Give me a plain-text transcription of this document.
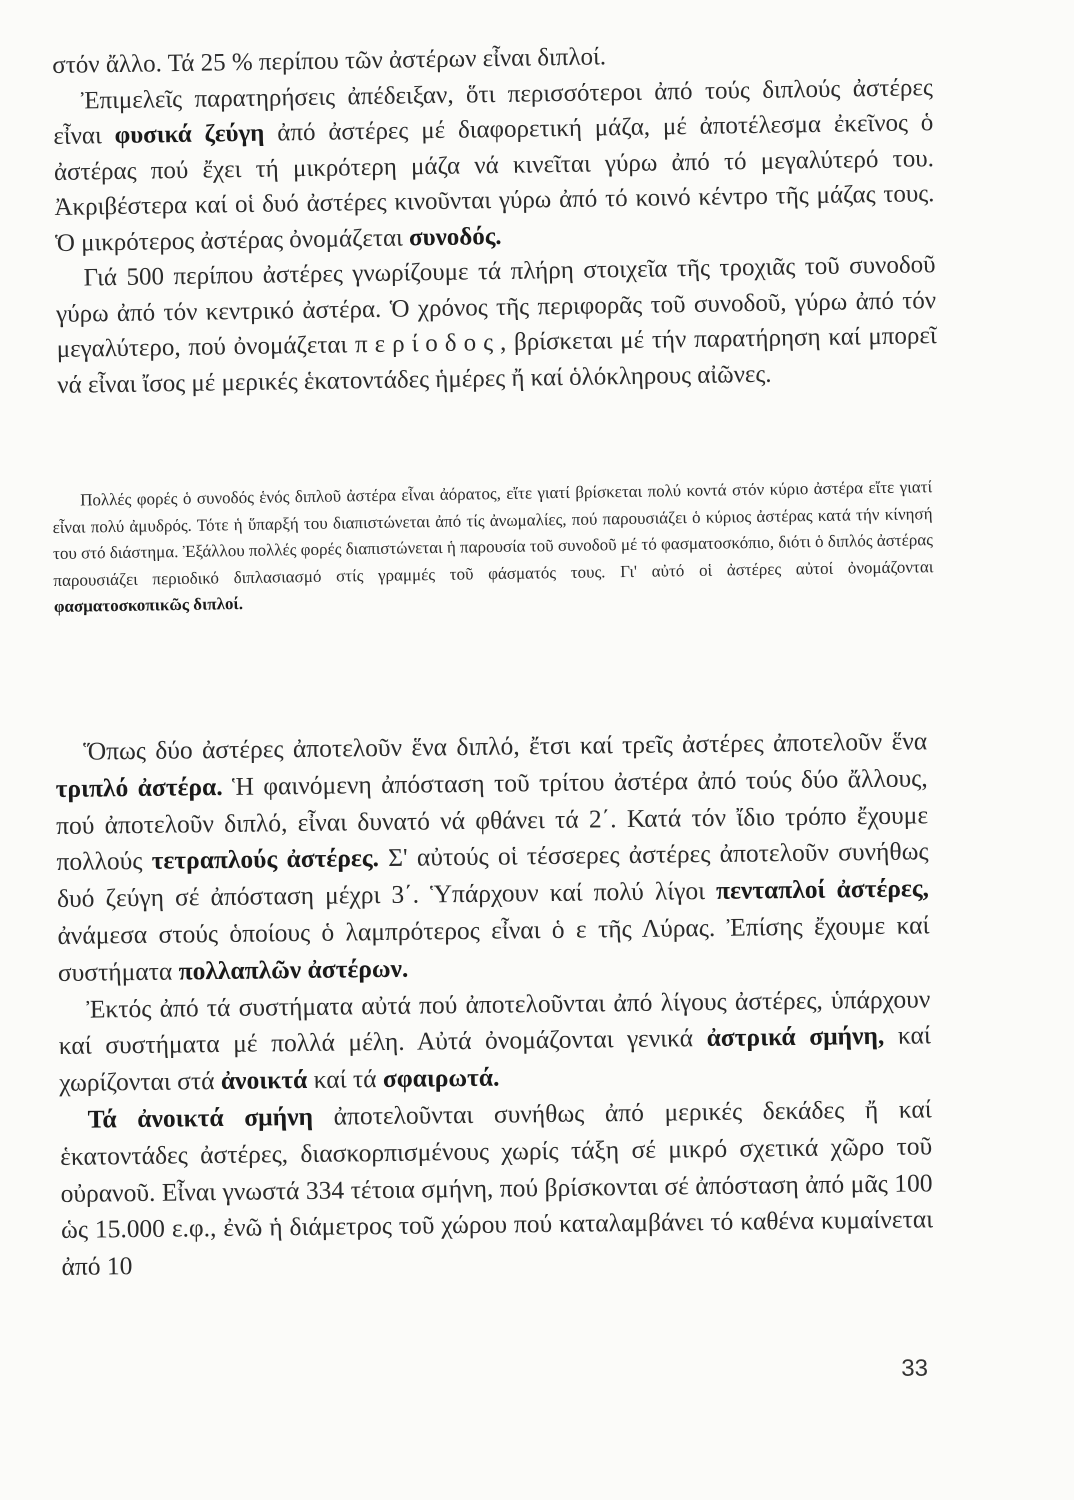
στόν ἄλλο. Τά 25 % περίπου τῶν ἀστέρων εἶναι διπλοί.

Ἐπιμελεῖς παρατηρήσεις ἀπέδειξαν, ὅτι περισσότεροι ἀπό τούς διπλούς ἀστέρες εἶναι φυσικά ζεύγη ἀπό ἀστέρες μέ διαφορετική μάζα, μέ ἀποτέλεσμα ἐκεῖνος ὁ ἀστέρας πού ἔχει τή μικρότερη μάζα νά κινεῖται γύρω ἀπό τό μεγαλύτερό του. Ἀκριβέστερα καί οἱ δυό ἀστέρες κινοῦνται γύρω ἀπό τό κοινό κέντρο τῆς μάζας τους. Ὁ μικρότερος ἀστέρας ὀνομάζεται συνοδός.

Γιά 500 περίπου ἀστέρες γνωρίζουμε τά πλήρη στοιχεῖα τῆς τροχιᾶς τοῦ συνοδοῦ γύρω ἀπό τόν κεντρικό ἀστέρα. Ὁ χρόνος τῆς περιφορᾶς τοῦ συνοδοῦ, γύρω ἀπό τόν μεγαλύτερο, πού ὀνομάζεται περίοδος, βρίσκεται μέ τήν παρατήρηση καί μπορεῖ νά εἶναι ἴσος μέ μερικές ἑκατοντάδες ἡμέρες ἤ καί ὁλόκληρους αἰῶνες.

Πολλές φορές ὁ συνοδός ἑνός διπλοῦ ἀστέρα εἶναι ἀόρατος, εἴτε γιατί βρίσκεται πολύ κοντά στόν κύριο ἀστέρα εἴτε γιατί εἶναι πολύ ἀμυδρός. Τότε ἡ ὕπαρξή του διαπιστώνεται ἀπό τίς ἀνωμαλίες, πού παρουσιάζει ὁ κύριος ἀστέρας κατά τήν κίνησή του στό διάστημα. Ἐξάλλου πολλές φορές διαπιστώνεται ἡ παρουσία τοῦ συνοδοῦ μέ τό φασματοσκόπιο, διότι ὁ διπλός ἀστέρας παρουσιάζει περιοδικό διπλασιασμό στίς γραμμές τοῦ φάσματός τους. Γι' αὐτό οἱ ἀστέρες αὐτοί ὀνομάζονται φασματοσκοπικῶς διπλοί.

Ὅπως δύο ἀστέρες ἀποτελοῦν ἕνα διπλό, ἔτσι καί τρεῖς ἀστέρες ἀποτελοῦν ἕνα τριπλό ἀστέρα. Ἡ φαινόμενη ἀπόσταση τοῦ τρίτου ἀστέρα ἀπό τούς δύο ἄλλους, πού ἀποτελοῦν διπλό, εἶναι δυνατό νά φθάνει τά 2΄. Κατά τόν ἴδιο τρόπο ἔχουμε πολλούς τετραπλούς ἀστέρες. Σ' αὐτούς οἱ τέσσερες ἀστέρες ἀποτελοῦν συνήθως δυό ζεύγη σέ ἀπόσταση μέχρι 3΄. Ὑπάρχουν καί πολύ λίγοι πενταπλοί ἀστέρες, ἀνάμεσα στούς ὁποίους ὁ λαμπρότερος εἶναι ὁ ε τῆς Λύρας. Ἐπίσης ἔχουμε καί συστήματα πολλαπλῶν ἀστέρων.

Ἐκτός ἀπό τά συστήματα αὐτά πού ἀποτελοῦνται ἀπό λίγους ἀστέρες, ὑπάρχουν καί συστήματα μέ πολλά μέλη. Αὐτά ὀνομάζονται γενικά ἀστρικά σμήνη, καί χωρίζονται στά ἀνοικτά καί τά σφαιρωτά.

Τά ἀνοικτά σμήνη ἀποτελοῦνται συνήθως ἀπό μερικές δεκάδες ἤ καί ἑκατοντάδες ἀστέρες, διασκορπισμένους χωρίς τάξη σέ μικρό σχετικά χῶρο τοῦ οὐρανοῦ. Εἶναι γνωστά 334 τέτοια σμήνη, πού βρίσκονται σέ ἀπόσταση ἀπό μᾶς 100 ὡς 15.000 ε.φ., ἐνῶ ἡ διάμετρος τοῦ χώρου πού καταλαμβάνει τό καθένα κυμαίνεται ἀπό 10

33
